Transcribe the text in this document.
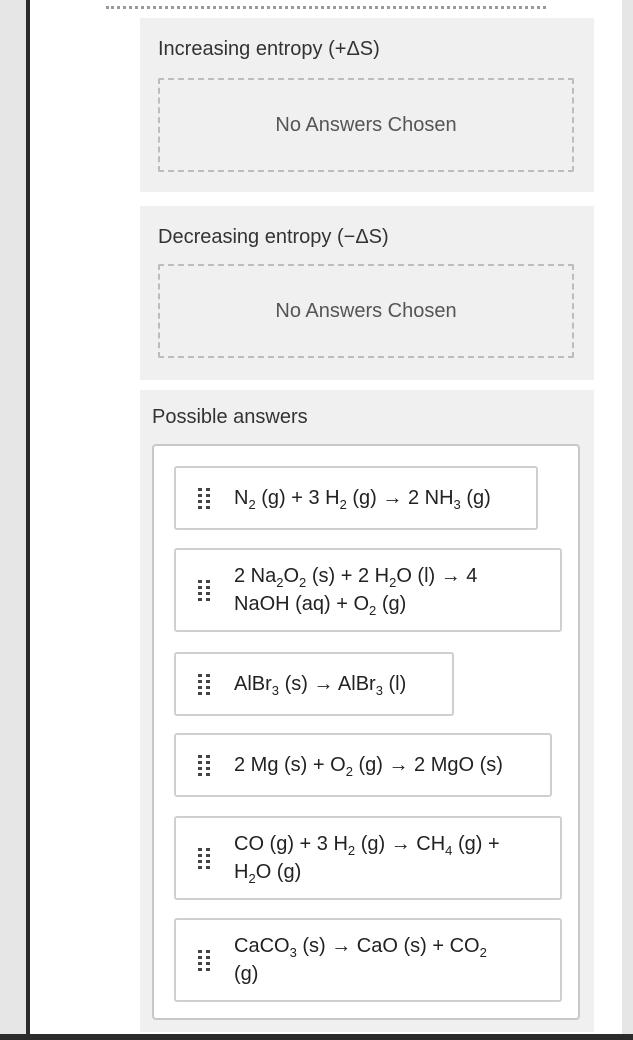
Increasing entropy (+ΔS)
No Answers Chosen
Decreasing entropy (−ΔS)
No Answers Chosen
Possible answers
$N_2$ (g) + 3 $H_2$ (g) → 2 $NH_3$ (g)
2 $Na_2O_2$ (s) + 2 $H_2O$ (l) → 4
NaOH $(aq) + O_2$ (g)
AlBr$_3$ (s) → AlBr$_3$ (l)
2 Mg $(s) + O_2$ (g) → 2 MgO (s)
CO (g) + 3 $H_2$ $(g) \to CH_4$ (g) +
$H_2O$ (g)
CaCO$_3$ (s) → CaO $(s) + CO_2$
(g)
